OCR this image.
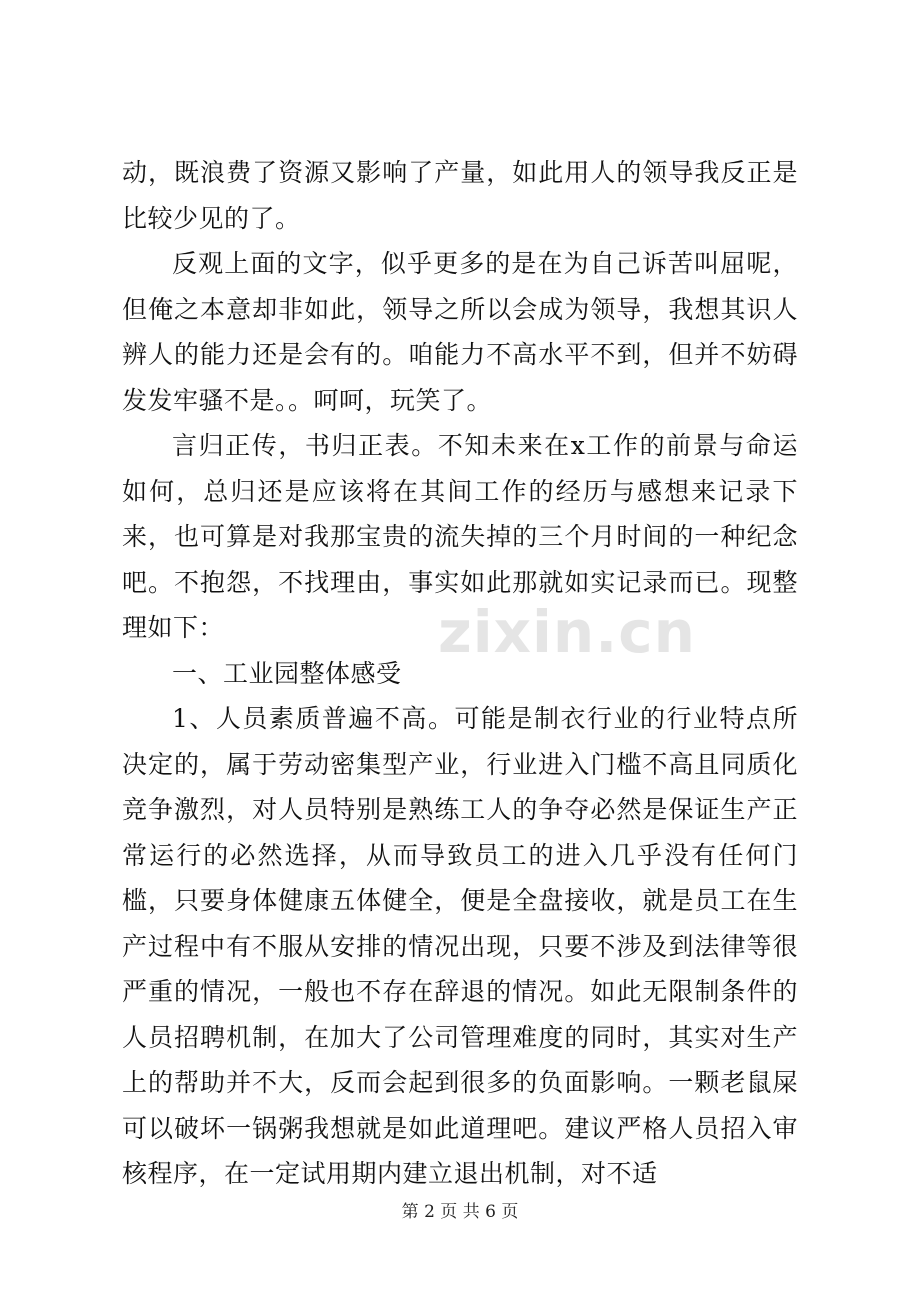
动，既浪费了资源又影响了产量，如此用人的领导我反正是比较少见的了。

反观上面的文字，似乎更多的是在为自己诉苦叫屈呢，但俺之本意却非如此，领导之所以会成为领导，我想其识人辨人的能力还是会有的。咱能力不高水平不到，但并不妨碍发发牢骚不是。。呵呵，玩笑了。

言归正传，书归正表。不知未来在x工作的前景与命运如何，总归还是应该将在其间工作的经历与感想来记录下来，也可算是对我那宝贵的流失掉的三个月时间的一种纪念吧。不抱怨，不找理由，事实如此那就如实记录而已。现整理如下：

一、工业园整体感受

1、人员素质普遍不高。可能是制衣行业的行业特点所决定的，属于劳动密集型产业，行业进入门槛不高且同质化竞争激烈，对人员特别是熟练工人的争夺必然是保证生产正常运行的必然选择，从而导致员工的进入几乎没有任何门槛，只要身体健康五体健全，便是全盘接收，就是员工在生产过程中有不服从安排的情况出现，只要不涉及到法律等很严重的情况，一般也不存在辞退的情况。如此无限制条件的人员招聘机制，在加大了公司管理难度的同时，其实对生产上的帮助并不大，反而会起到很多的负面影响。一颗老鼠屎可以破坏一锅粥我想就是如此道理吧。建议严格人员招入审核程序，在一定试用期内建立退出机制，对不适

zixin.cn
第 2 页 共 6 页
